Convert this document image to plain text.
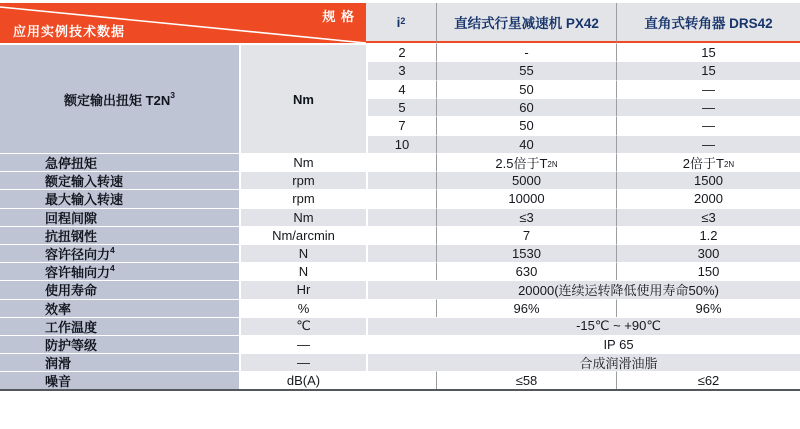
规 格
应用实例技术数据
$i^2$	直结式行星减速机 PX42	直角式转角器 DRS42
额定输出扭矩 T2N$^3$	Nm
2	-	15
3	55	15
4	50	—
5	60	—
7	50	—
10	40	—
急停扭矩	Nm	2.5倍于$T_{2N}$	2倍于$T_{2N}$
额定输入转速	rpm	5000	1500
最大输入转速	rpm	10000	2000
回程间隙	Nm	≤3	≤3
抗扭钢性	Nm/arcmin	7	1.2
容许径向力$^4$	N	1530	300
容许轴向力$^4$	N	630	150
使用寿命	Hr	20000(连续运转降低使用寿命50%)
效率	%	96%	96%
工作温度	℃	-15℃ ~ +90℃
防护等级	—	IP 65
润滑	—	合成润滑油脂
噪音	dB(A)	≤58	≤62
